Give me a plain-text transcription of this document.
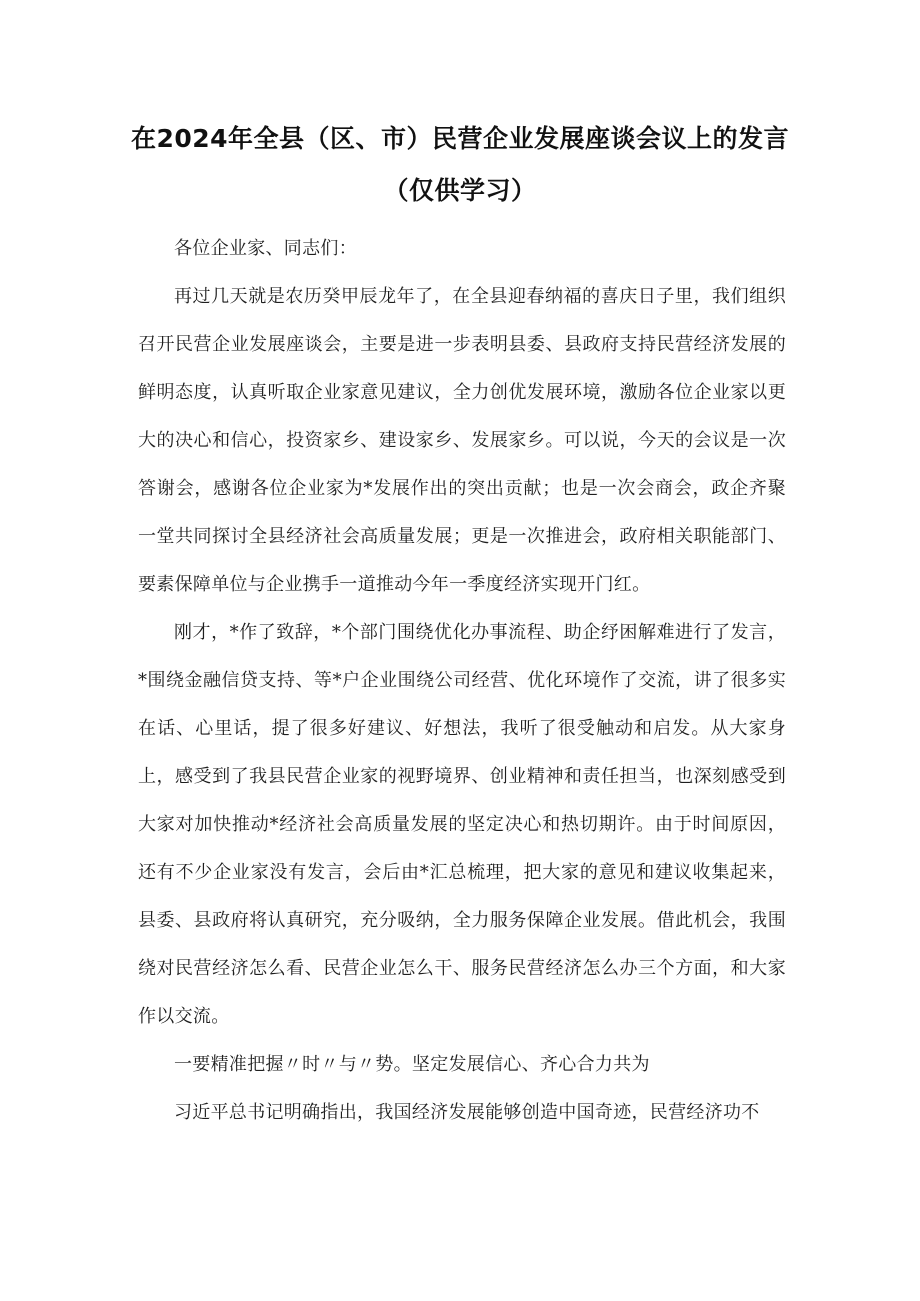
在2024年全县（区、市）民营企业发展座谈会议上的发言
（仅供学习）

各位企业家、同志们：

再过几天就是农历癸甲辰龙年了，在全县迎春纳福的喜庆日子里，我们组织召开民营企业发展座谈会，主要是进一步表明县委、县政府支持民营经济发展的鲜明态度，认真听取企业家意见建议，全力创优发展环境，激励各位企业家以更大的决心和信心，投资家乡、建设家乡、发展家乡。可以说，今天的会议是一次答谢会，感谢各位企业家为*发展作出的突出贡献；也是一次会商会，政企齐聚一堂共同探讨全县经济社会高质量发展；更是一次推进会，政府相关职能部门、要素保障单位与企业携手一道推动今年一季度经济实现开门红。

刚才，*作了致辞，*个部门围绕优化办事流程、助企纾困解难进行了发言，*围绕金融信贷支持、等*户企业围绕公司经营、优化环境作了交流，讲了很多实在话、心里话，提了很多好建议、好想法，我听了很受触动和启发。从大家身上，感受到了我县民营企业家的视野境界、创业精神和责任担当，也深刻感受到大家对加快推动*经济社会高质量发展的坚定决心和热切期许。由于时间原因，还有不少企业家没有发言，会后由*汇总梳理，把大家的意见和建议收集起来，县委、县政府将认真研究，充分吸纳，全力服务保障企业发展。借此机会，我围绕对民营经济怎么看、民营企业怎么干、服务民营经济怎么办三个方面，和大家作以交流。

一要精准把握〃时〃与〃势。坚定发展信心、齐心合力共为

习近平总书记明确指出，我国经济发展能够创造中国奇迹，民营经济功不
